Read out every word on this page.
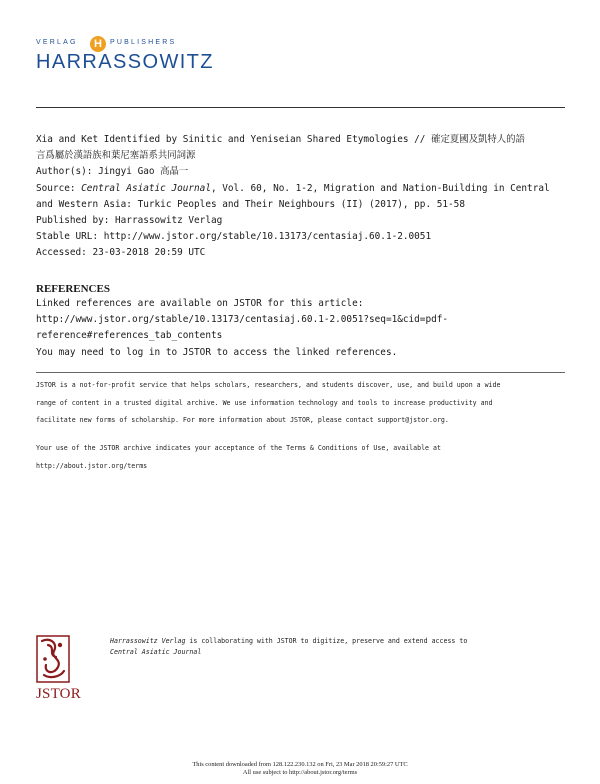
VERLAG	H	PUBLISHERS
HARRASSOWITZ
Xia and Ket Identified by Sinitic and Yeniseian Shared Etymologies // 確定夏國及凱特人的語
言爲屬於漢語族和葉尼塞語系共同詞源
Author(s): Jingyi Gao 高晶一
Source: Central Asiatic Journal, Vol. 60, No. 1-2, Migration and Nation-Building in Central
and Western Asia: Turkic Peoples and Their Neighbours (II) (2017), pp. 51-58
Published by: Harrassowitz Verlag
Stable URL: http://www.jstor.org/stable/10.13173/centasiaj.60.1-2.0051
Accessed: 23-03-2018 20:59 UTC
REFERENCES
Linked references are available on JSTOR for this article:
http://www.jstor.org/stable/10.13173/centasiaj.60.1-2.0051?seq=1&cid=pdf-
reference#references_tab_contents
You may need to log in to JSTOR to access the linked references.
JSTOR is a not-for-profit service that helps scholars, researchers, and students discover, use, and build upon a wide
range of content in a trusted digital archive. We use information technology and tools to increase productivity and
facilitate new forms of scholarship. For more information about JSTOR, please contact support@jstor.org.
Your use of the JSTOR archive indicates your acceptance of the Terms & Conditions of Use, available at
http://about.jstor.org/terms
JSTOR
Harrassowitz Verlag is collaborating with JSTOR to digitize, preserve and extend access to
Central Asiatic Journal
This content downloaded from 128.122.230.132 on Fri, 23 Mar 2018 20:59:27 UTC
All use subject to http://about.jstor.org/terms
